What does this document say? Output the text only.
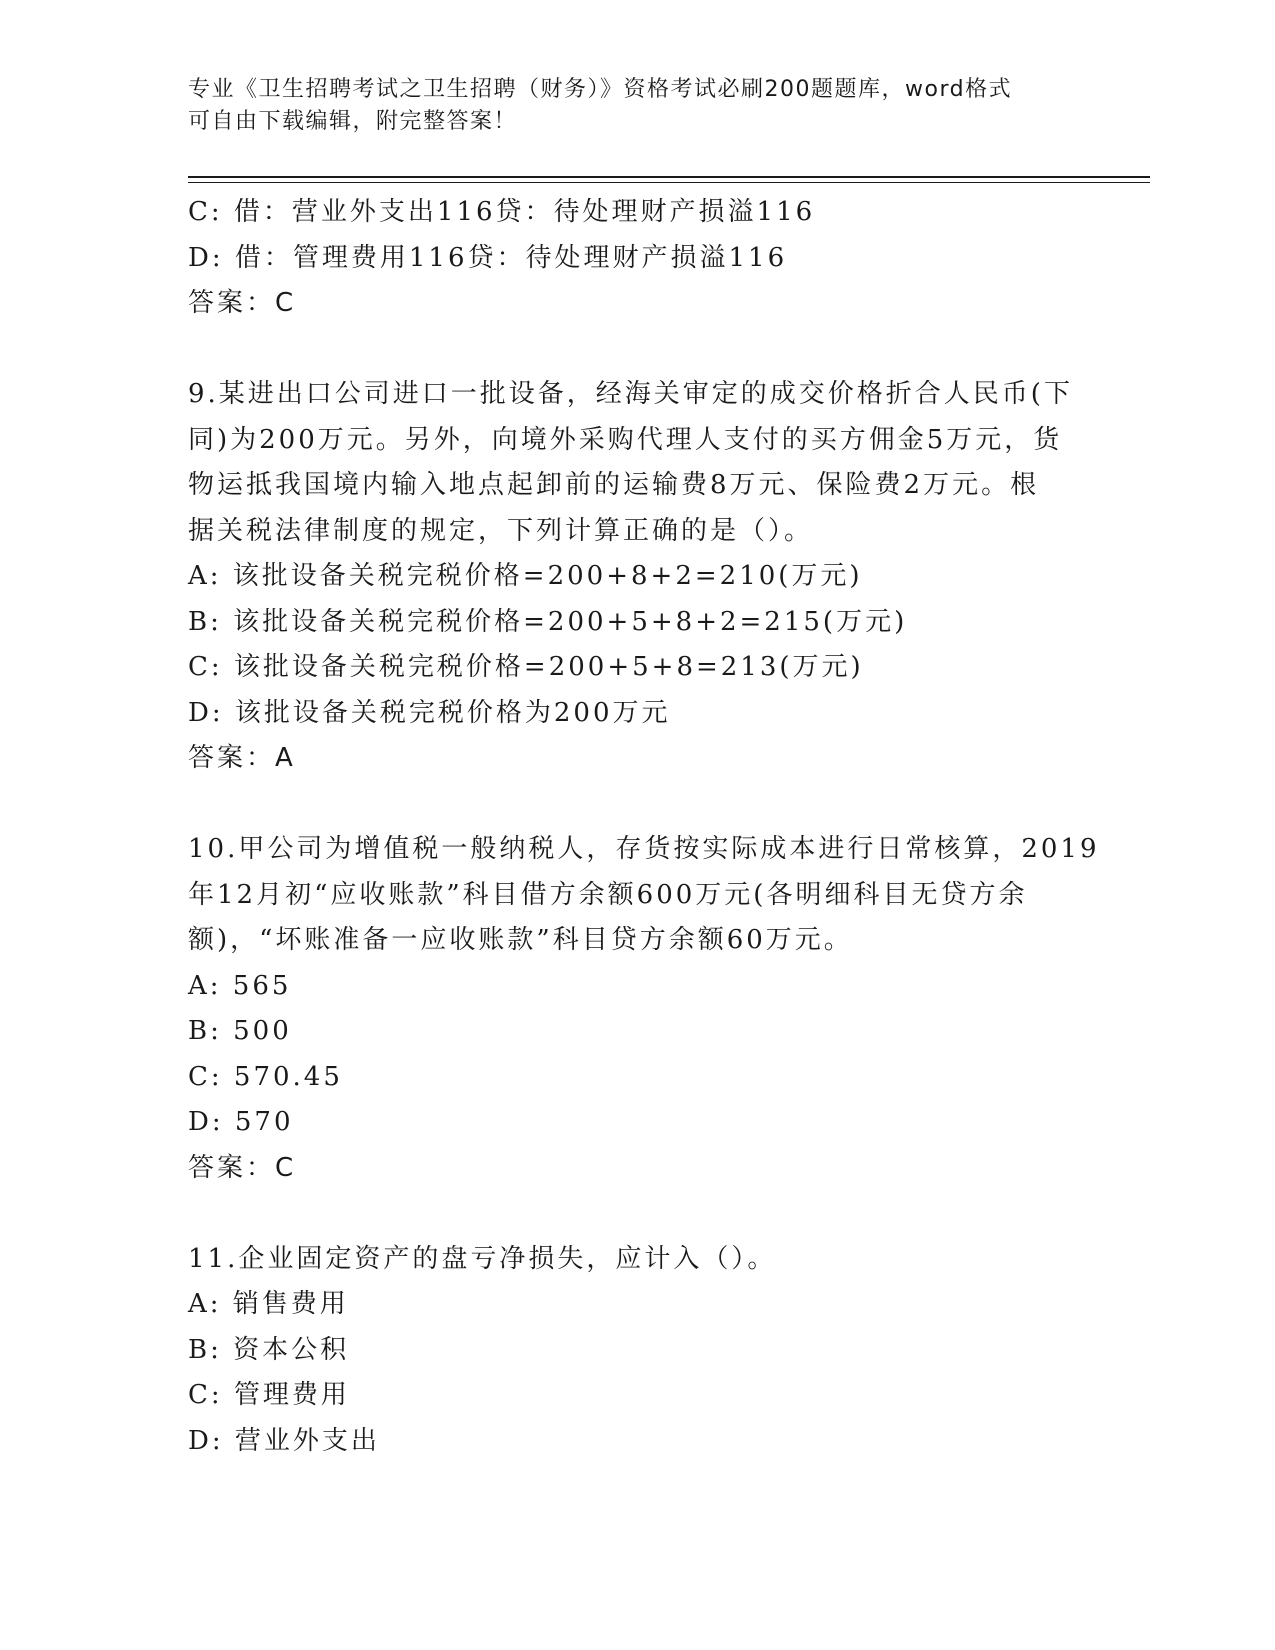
专业《卫生招聘考试之卫生招聘（财务）》资格考试必刷200题题库，word格式
可自由下载编辑，附完整答案！
C: 借：营业外支出116贷：待处理财产损溢116
D: 借：管理费用116贷：待处理财产损溢116
答案：C
9.某进出口公司进口一批设备，经海关审定的成交价格折合人民币(下
同)为200万元。另外，向境外采购代理人支付的买方佣金5万元，货
物运抵我国境内输入地点起卸前的运输费8万元、保险费2万元。根
据关税法律制度的规定，下列计算正确的是（）。
A: 该批设备关税完税价格=200+8+2=210(万元)
B: 该批设备关税完税价格=200+5+8+2=215(万元)
C: 该批设备关税完税价格=200+5+8=213(万元)
D: 该批设备关税完税价格为200万元
答案：A
10.甲公司为增值税一般纳税人，存货按实际成本进行日常核算，2019
年12月初“应收账款”科目借方余额600万元(各明细科目无贷方余
额)，“坏账准备一应收账款”科目贷方余额60万元。
A: 565
B: 500
C: 570.45
D: 570
答案：C
11.企业固定资产的盘亏净损失，应计入（）。
A: 销售费用
B: 资本公积
C: 管理费用
D: 营业外支出
